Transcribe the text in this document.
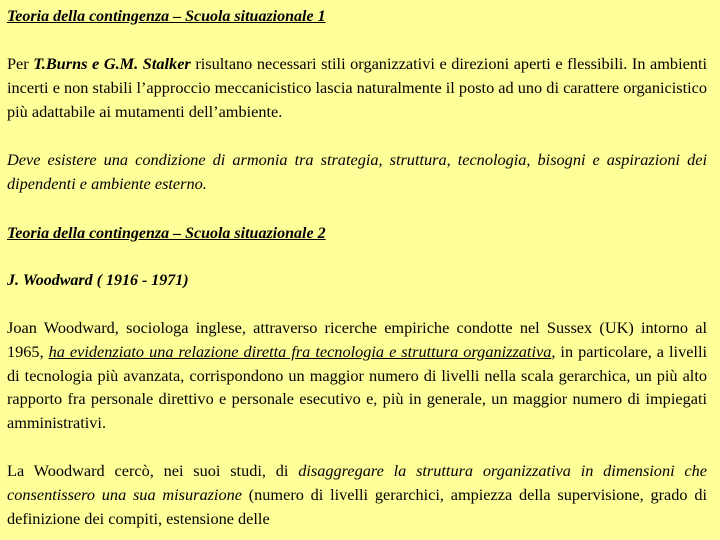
Teoria della contingenza – Scuola situazionale 1
Per T.Burns e G.M. Stalker risultano necessari stili organizzativi e direzioni aperti e flessibili. In ambienti incerti e non stabili l’approccio meccanicistico lascia naturalmente il posto ad uno di carattere organicistico più adattabile ai mutamenti dell’ambiente.
Deve esistere una condizione di armonia tra strategia, struttura, tecnologia, bisogni e aspirazioni dei dipendenti e ambiente esterno.
Teoria della contingenza – Scuola situazionale 2
J. Woodward ( 1916 - 1971)
Joan Woodward, sociologa inglese, attraverso ricerche empiriche condotte nel Sussex (UK) intorno al 1965, ha evidenziato una relazione diretta fra tecnologia e struttura organizzativa, in particolare, a livelli di tecnologia più avanzata, corrispondono un maggior numero di livelli nella scala gerarchica, un più alto rapporto fra personale direttivo e personale esecutivo e, più in generale, un maggior numero di impiegati amministrativi.
La Woodward cercò, nei suoi studi, di disaggregare la struttura organizzativa in dimensioni che consentissero una sua misurazione (numero di livelli gerarchici, ampiezza della supervisione, grado di definizione dei compiti, estensione delle
